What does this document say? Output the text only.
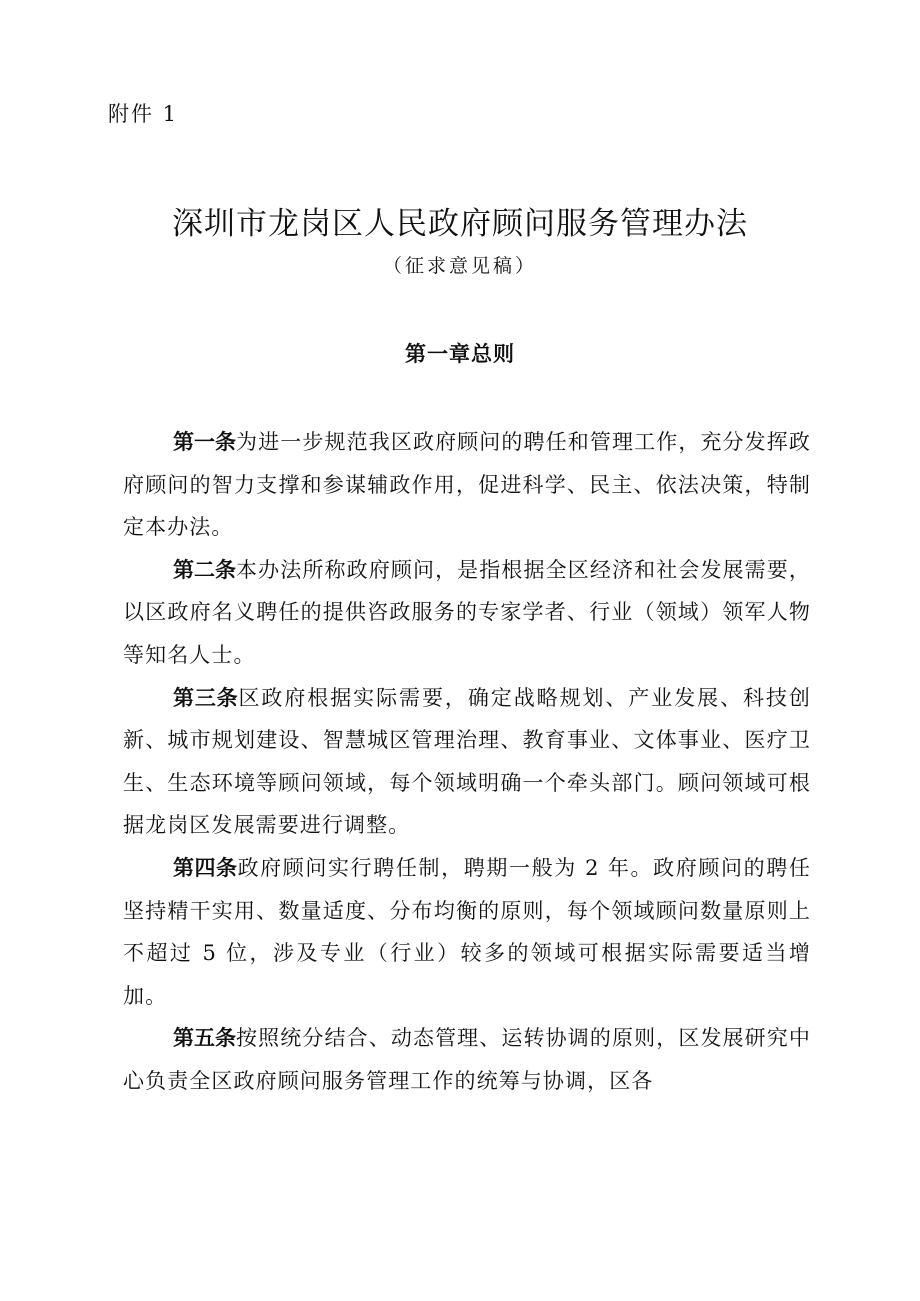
附件 1
深圳市龙岗区人民政府顾问服务管理办法
（征求意见稿）
第一章总则

第一条为进一步规范我区政府顾问的聘任和管理工作，充分发挥政府顾问的智力支撑和参谋辅政作用，促进科学、民主、依法决策，特制定本办法。

第二条本办法所称政府顾问，是指根据全区经济和社会发展需要，以区政府名义聘任的提供咨政服务的专家学者、行业（领域）领军人物等知名人士。

第三条区政府根据实际需要，确定战略规划、产业发展、科技创新、城市规划建设、智慧城区管理治理、教育事业、文体事业、医疗卫生、生态环境等顾问领域，每个领域明确一个牵头部门。顾问领域可根据龙岗区发展需要进行调整。

第四条政府顾问实行聘任制，聘期一般为 2 年。政府顾问的聘任坚持精干实用、数量适度、分布均衡的原则，每个领域顾问数量原则上不超过 5 位，涉及专业（行业）较多的领域可根据实际需要适当增加。

第五条按照统分结合、动态管理、运转协调的原则，区发展研究中心负责全区政府顾问服务管理工作的统筹与协调，区各
